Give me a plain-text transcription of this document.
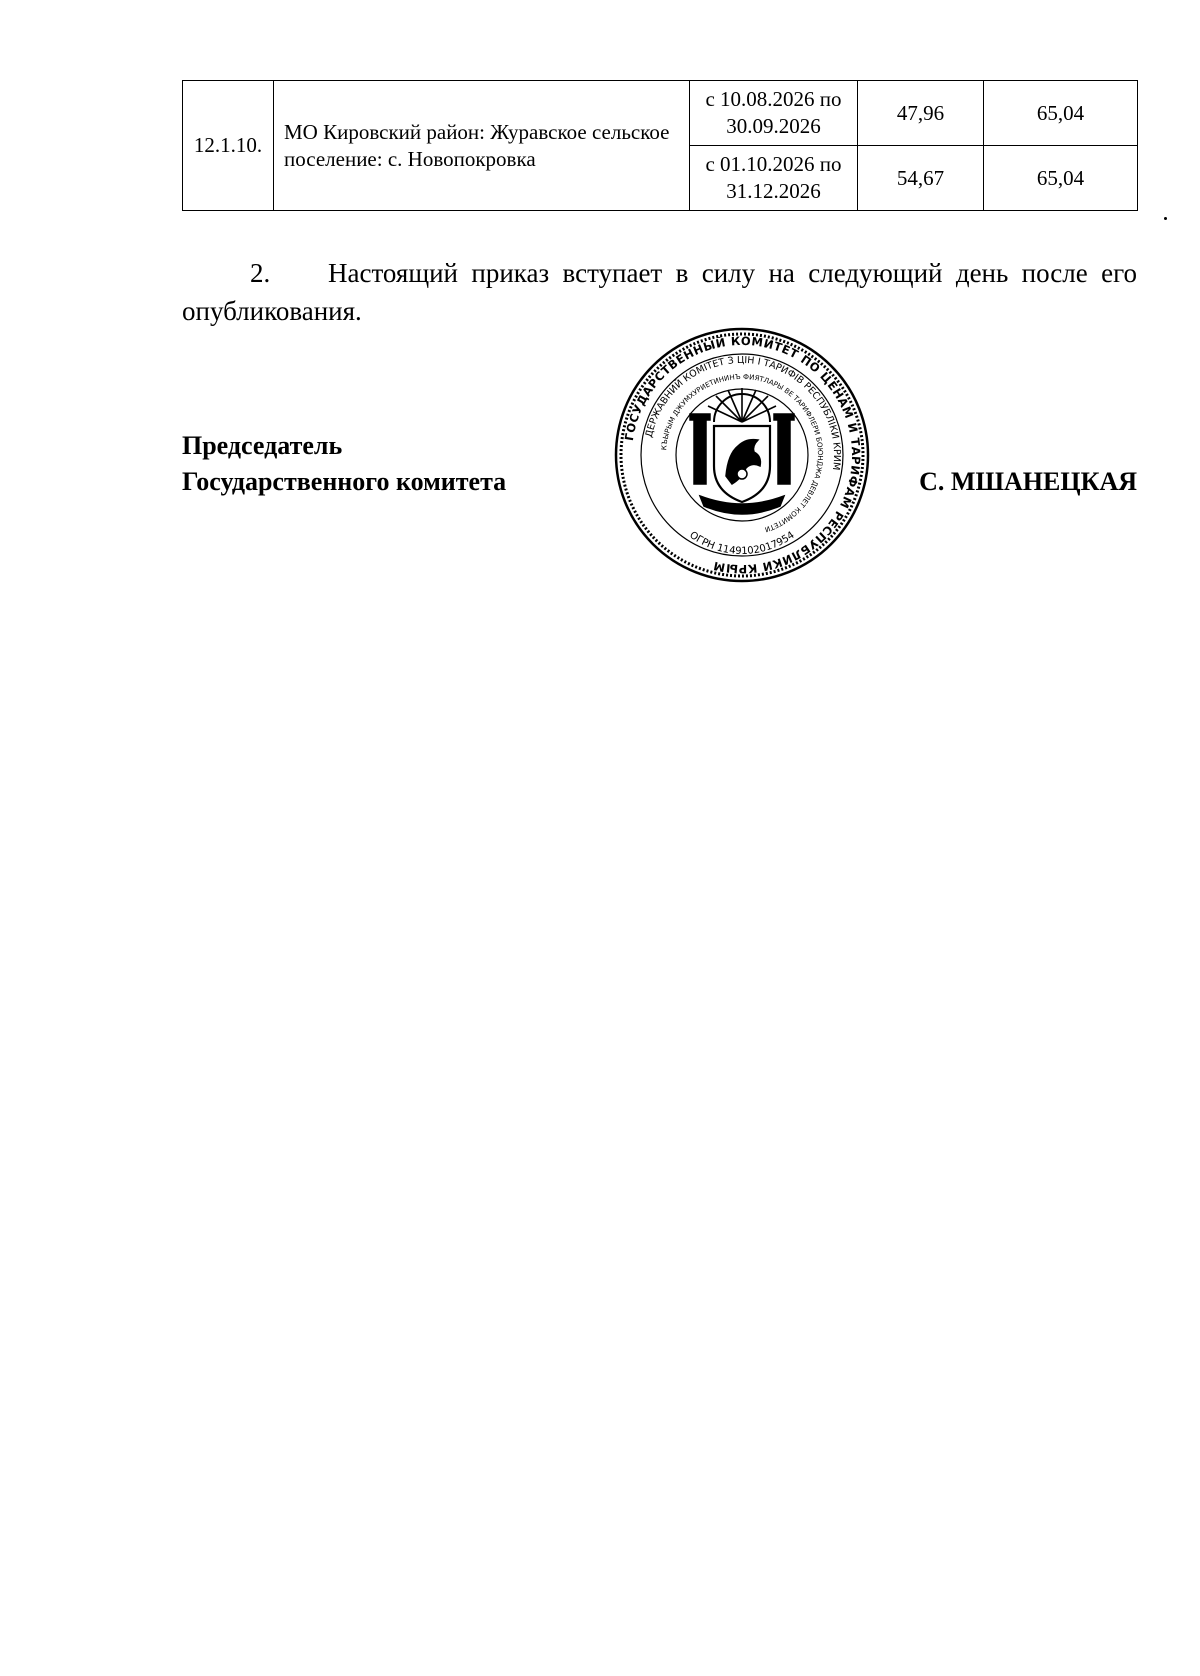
12.1.10.	МО Кировский район: Журавское сельское поселение: с. Новопокровка	с 10.08.2026 по 30.09.2026	47,96	65,04
		с 01.10.2026 по 31.12.2026	54,67	65,04
2. Настоящий приказ вступает в силу на следующий день после его опубликования.
Председатель
Государственного комитета
ГОСУДАРСТВЕННЫЙ КОМИТЕТ ПО ЦЕНАМ И ТАРИФАМ РЕСПУБЛИКИ КРЫМ
ДЕРЖАВНИЙ КОМІТЕТ З ЦІН І ТАРИФІВ РЕСПУБЛІКИ КРИМ
КЪЫРЫМ ДЖУМХУРИЕТИНИНЪ ФИЯТЛАРЫ ВЕ ТАРИФЛЕРИ БОЮНДЖА ДЕВЛЕТ КОМИТЕТИ
ОГРН 1149102017954
С. МШАНЕЦКАЯ
